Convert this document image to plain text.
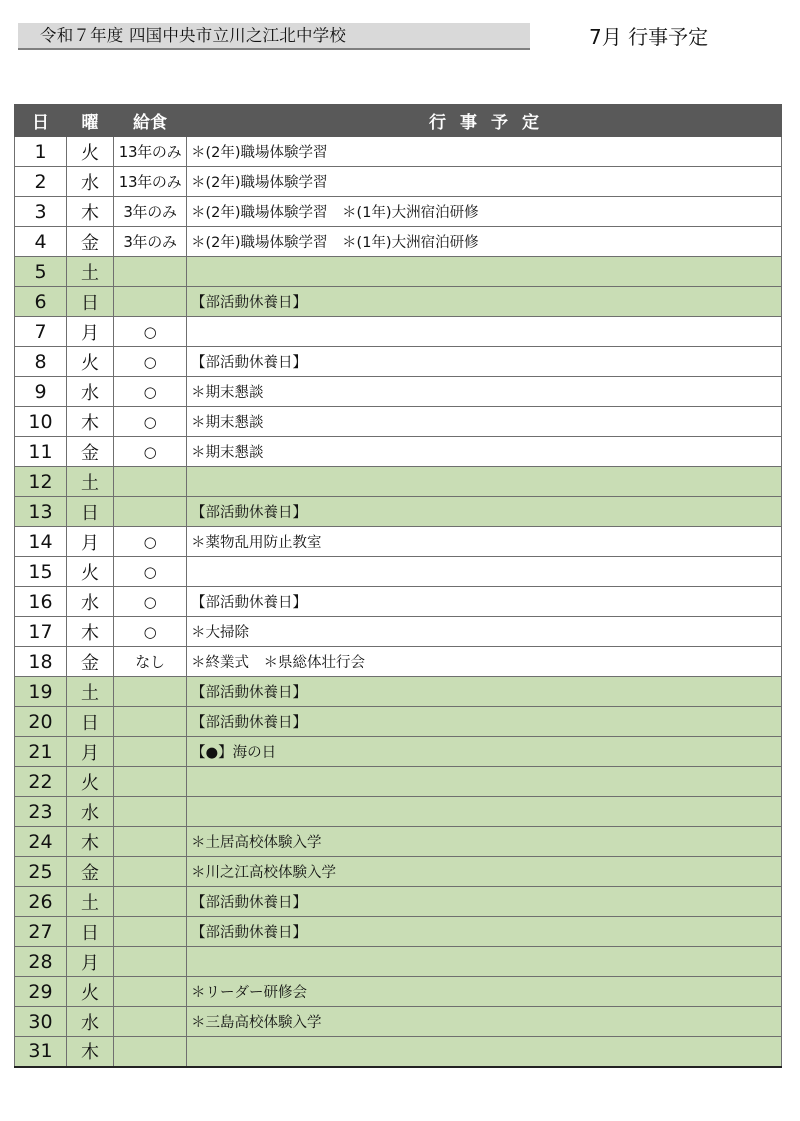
令和７年度 四国中央市立川之江北中学校	7月 行事予定
日	曜	給食	行事予定
1	火	13年のみ	＊(2年)職場体験学習
2	水	13年のみ	＊(2年)職場体験学習
3	木	3年のみ	＊(2年)職場体験学習　＊(1年)大洲宿泊研修
4	金	3年のみ	＊(2年)職場体験学習　＊(1年)大洲宿泊研修
5	土		
6	日		【部活動休養日】
7	月	○	
8	火	○	【部活動休養日】
9	水	○	＊期末懇談
10	木	○	＊期末懇談
11	金	○	＊期末懇談
12	土		
13	日		【部活動休養日】
14	月	○	＊薬物乱用防止教室
15	火	○	
16	水	○	【部活動休養日】
17	木	○	＊大掃除
18	金	なし	＊終業式　＊県総体壮行会
19	土		【部活動休養日】
20	日		【部活動休養日】
21	月		【●】海の日
22	火		
23	水		
24	木		＊土居高校体験入学
25	金		＊川之江高校体験入学
26	土		【部活動休養日】
27	日		【部活動休養日】
28	月		
29	火		＊リーダー研修会
30	水		＊三島高校体験入学
31	木		
